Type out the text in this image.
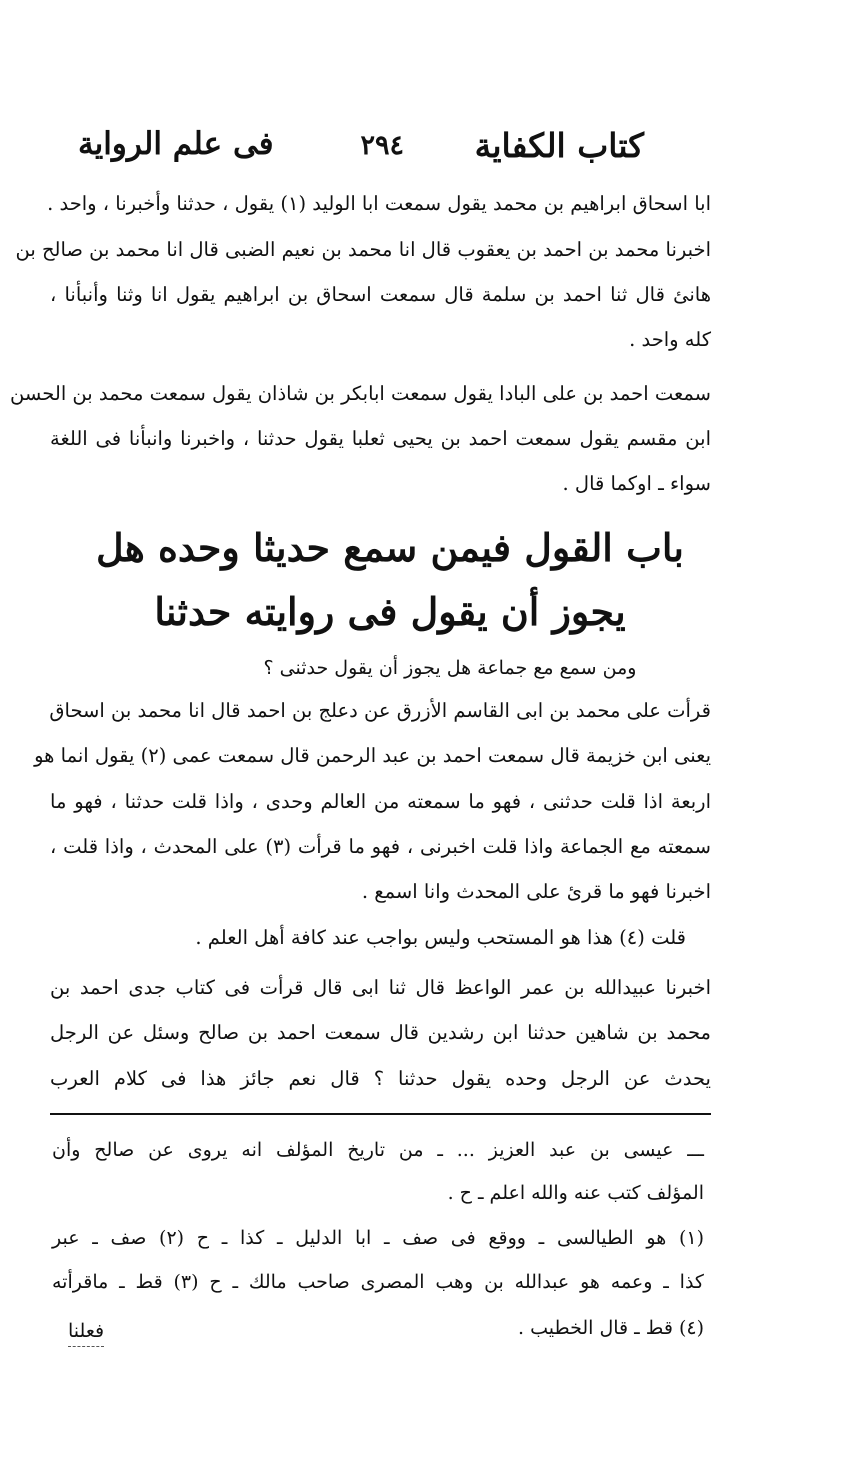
كتاب الكفاية
٢٩٤
فى علم الرواية
ابا اسحاق ابراهيم بن محمد يقول سمعت ابا الوليد (١) يقول ، حدثنا وأخبرنا ، واحد .
اخبرنا محمد بن احمد بن يعقوب قال انا محمد بن نعيم الضبى قال انا محمد بن صالح بن
هانئ قال ثنا احمد بن سلمة قال سمعت اسحاق بن ابراهيم يقول انا وثنا وأنبأنا ،
كله واحد .
سمعت احمد بن على البادا يقول سمعت ابابكر بن شاذان يقول سمعت محمد بن الحسن
ابن مقسم يقول سمعت احمد بن يحيى ثعلبا يقول حدثنا ، واخبرنا وانبأنا فى اللغة
سواء ـ اوكما قال .
باب القول فيمن سمع حديثا وحده هل
يجوز أن يقول فى روايته حدثنا
ومن سمع مع جماعة هل يجوز أن يقول حدثنى ؟
قرأت على محمد بن ابى القاسم الأزرق عن دعلج بن احمد قال انا محمد بن اسحاق
يعنى ابن خزيمة قال سمعت احمد بن عبد الرحمن قال سمعت عمى (٢) يقول انما هو
اربعة اذا قلت حدثنى ، فهو ما سمعته من العالم وحدى ، واذا قلت حدثنا ، فهو ما
سمعته مع الجماعة واذا قلت اخبرنى ، فهو ما قرأت (٣) على المحدث ، واذا قلت ،
اخبرنا فهو ما قرئ على المحدث وانا اسمع .
قلت (٤) هذا هو المستحب وليس بواجب عند كافة أهل العلم .
اخبرنا عبيدالله بن عمر الواعظ قال ثنا ابى قال قرأت فى كتاب جدى احمد بن
محمد بن شاهين حدثنا ابن رشدين قال سمعت احمد بن صالح وسئل عن الرجل
يحدث عن الرجل وحده يقول حدثنا ؟ قال نعم جائز هذا فى كلام العرب
ـــ عيسى بن عبد العزيز ... ـ من تاريخ المؤلف انه يروى عن صالح وأن
المؤلف كتب عنه والله اعلم ـ ح .
(١) هو الطيالسى ـ ووقع فى صف ـ ابا الدليل ـ كذا ـ ح (٢) صف ـ عبر
كذا ـ وعمه هو عبدالله بن وهب المصرى صاحب مالك ـ ح (٣) قط ـ ماقرأته
(٤) قط ـ قال الخطيب .
فعلنا
